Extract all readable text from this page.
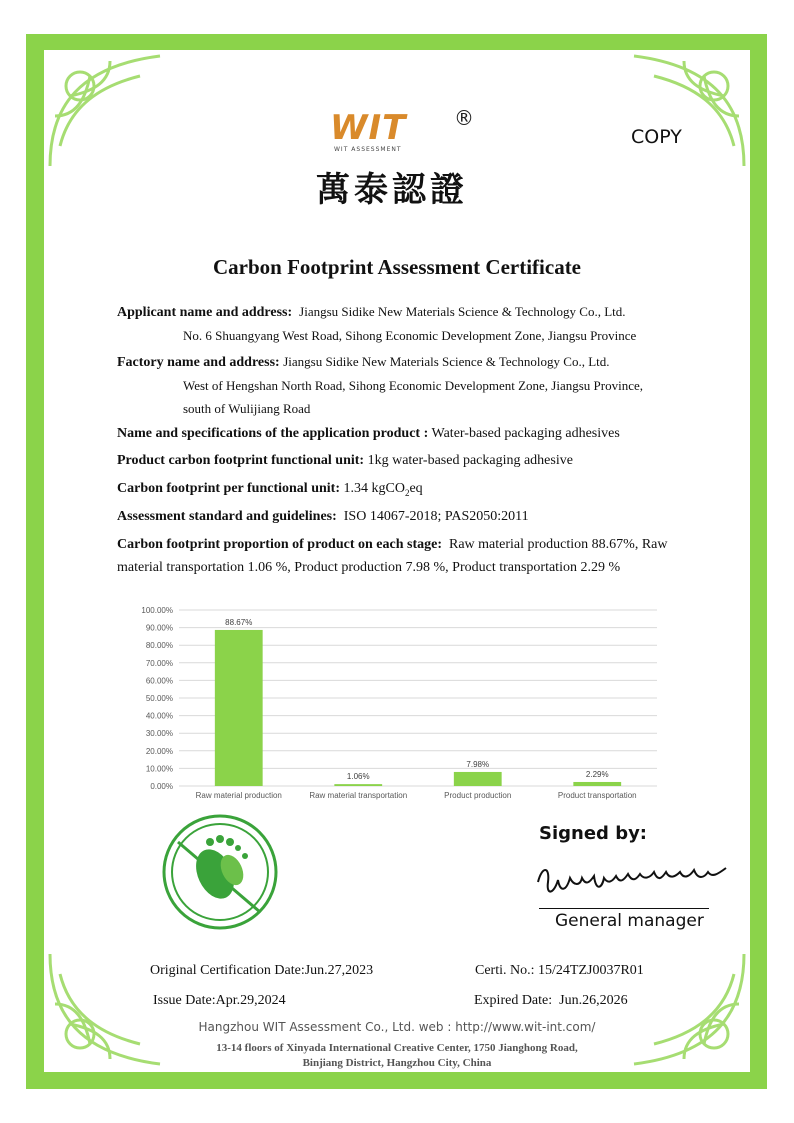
WIT ®
WIT ASSESSMENT
萬泰認證
COPY
Carbon Footprint Assessment Certificate
Applicant name and address: Jiangsu Sidike New Materials Science & Technology Co., Ltd.
No. 6 Shuangyang West Road, Sihong Economic Development Zone, Jiangsu Province
Factory name and address: Jiangsu Sidike New Materials Science & Technology Co., Ltd.
West of Hengshan North Road, Sihong Economic Development Zone, Jiangsu Province,
south of Wulijiang Road
Name and specifications of the application product : Water-based packaging adhesives
Product carbon footprint functional unit: 1kg water-based packaging adhesive
Carbon footprint per functional unit: 1.34 kgCO$_2$eq
Assessment standard and guidelines: ISO 14067-2018; PAS2050:2011
Carbon footprint proportion of product on each stage: Raw material production 88.67%, Raw material transportation 1.06 %, Product production 7.98 %, Product transportation 2.29 %
0.00%
10.00%
20.00%
30.00%
40.00%
50.00%
60.00%
70.00%
80.00%
90.00%
100.00%
88.67%
Raw material production
1.06%
Raw material transportation
7.98%
Product production
2.29%
Product transportation
Signed by:
General manager
Original Certification Date:Jun.27,2023	Certi. No.: 15/24TZJ0037R01
Issue Date:Apr.29,2024	Expired Date: Jun.26,2026
Hangzhou WIT Assessment Co., Ltd. web : http://www.wit-int.com/
13-14 floors of Xinyada International Creative Center, 1750 Jianghong Road,
Binjiang District, Hangzhou City, China
